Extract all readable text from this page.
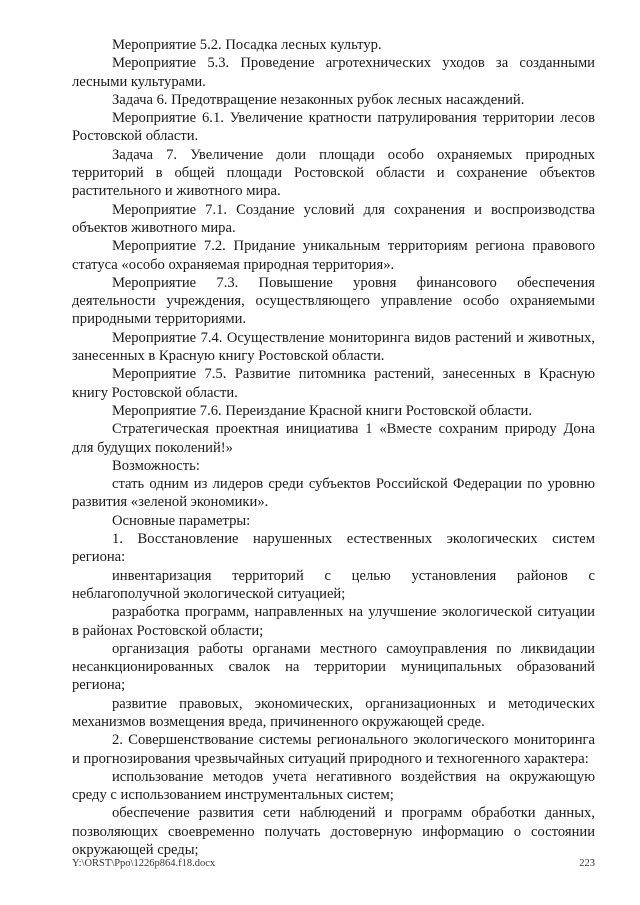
Мероприятие 5.2. Посадка лесных культур.

Мероприятие 5.3. Проведение агротехнических уходов за созданными лесными культурами.

Задача 6. Предотвращение незаконных рубок лесных насаждений.

Мероприятие 6.1. Увеличение кратности патрулирования территории лесов Ростовской области.

Задача 7. Увеличение доли площади особо охраняемых природных территорий в общей площади Ростовской области и сохранение объектов растительного и животного мира.

Мероприятие 7.1. Создание условий для сохранения и воспроизводства объектов животного мира.

Мероприятие 7.2. Придание уникальным территориям региона правового статуса «особо охраняемая природная территория».

Мероприятие 7.3. Повышение уровня финансового обеспечения деятельности учреждения, осуществляющего управление особо охраняемыми природными территориями.

Мероприятие 7.4. Осуществление мониторинга видов растений и животных, занесенных в Красную книгу Ростовской области.

Мероприятие 7.5. Развитие питомника растений, занесенных в Красную книгу Ростовской области.

Мероприятие 7.6. Переиздание Красной книги Ростовской области.

Стратегическая проектная инициатива 1 «Вместе сохраним природу Дона для будущих поколений!»

Возможность:

стать одним из лидеров среди субъектов Российской Федерации по уровню развития «зеленой экономики».

Основные параметры:

1. Восстановление нарушенных естественных экологических систем региона:

инвентаризация территорий с целью установления районов с неблагополучной экологической ситуацией;

разработка программ, направленных на улучшение экологической ситуации в районах Ростовской области;

организация работы органами местного самоуправления по ликвидации несанкционированных свалок на территории муниципальных образований региона;

развитие правовых, экономических, организационных и методических механизмов возмещения вреда, причиненного окружающей среде.

2. Совершенствование системы регионального экологического мониторинга и прогнозирования чрезвычайных ситуаций природного и техногенного характера:

использование методов учета негативного воздействия на окружающую среду с использованием инструментальных систем;

обеспечение развития сети наблюдений и программ обработки данных, позволяющих своевременно получать достоверную информацию о состоянии окружающей среды;

Y:\ORST\Ppo\1226p864.f18.docx	223
